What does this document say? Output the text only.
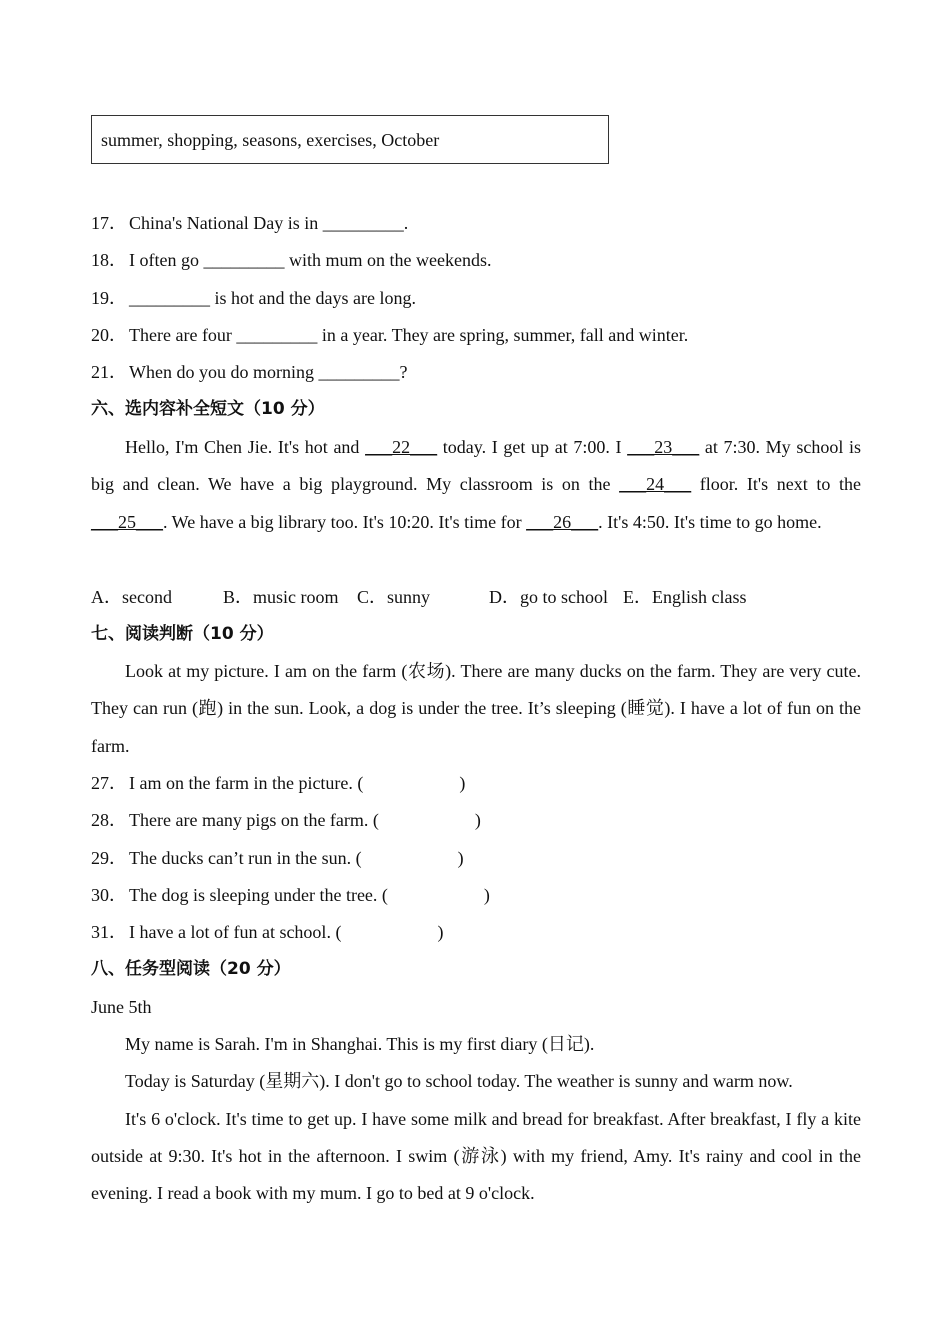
summer, shopping, seasons, exercises, October
17． China's National Day is in _________.
18． I often go _________ with mum on the weekends.
19． _________ is hot and the days are long.
20． There are four _________ in a year. They are spring, summer, fall and winter.
21． When do you do morning _________?
六、选内容补全短文（10 分）

Hello, I'm Chen Jie. It's hot and ___22___ today. I get up at 7:00. I ___23___ at 7:30. My school is big and clean. We have a big playground. My classroom is on the ___24___ floor. It's next to the ___25___. We have a big library too. It's 10:20. It's time for ___26___. It's 4:50. It's time to go home.

A．second	B．music room C．sunny	D．go to school E．English class
七、阅读判断（10 分）

Look at my picture. I am on the farm (农场). There are many ducks on the farm. They are very cute. They can run (跑) in the sun. Look, a dog is under the tree. It’s sleeping (睡觉). I have a lot of fun on the farm.

27． I am on the farm in the picture. (	)
28． There are many pigs on the farm. (	)
29． The ducks can’t run in the sun. (	)
30． The dog is sleeping under the tree. (	)
31． I have a lot of fun at school. (	)
八、任务型阅读（20 分）
June 5th

My name is Sarah. I'm in Shanghai. This is my first diary (日记).

Today is Saturday (星期六). I don't go to school today. The weather is sunny and warm now.

It's 6 o'clock. It's time to get up. I have some milk and bread for breakfast. After breakfast, I fly a kite outside at 9:30. It's hot in the afternoon. I swim (游泳) with my friend, Amy. It's rainy and cool in the evening. I read a book with my mum. I go to bed at 9 o'clock.
